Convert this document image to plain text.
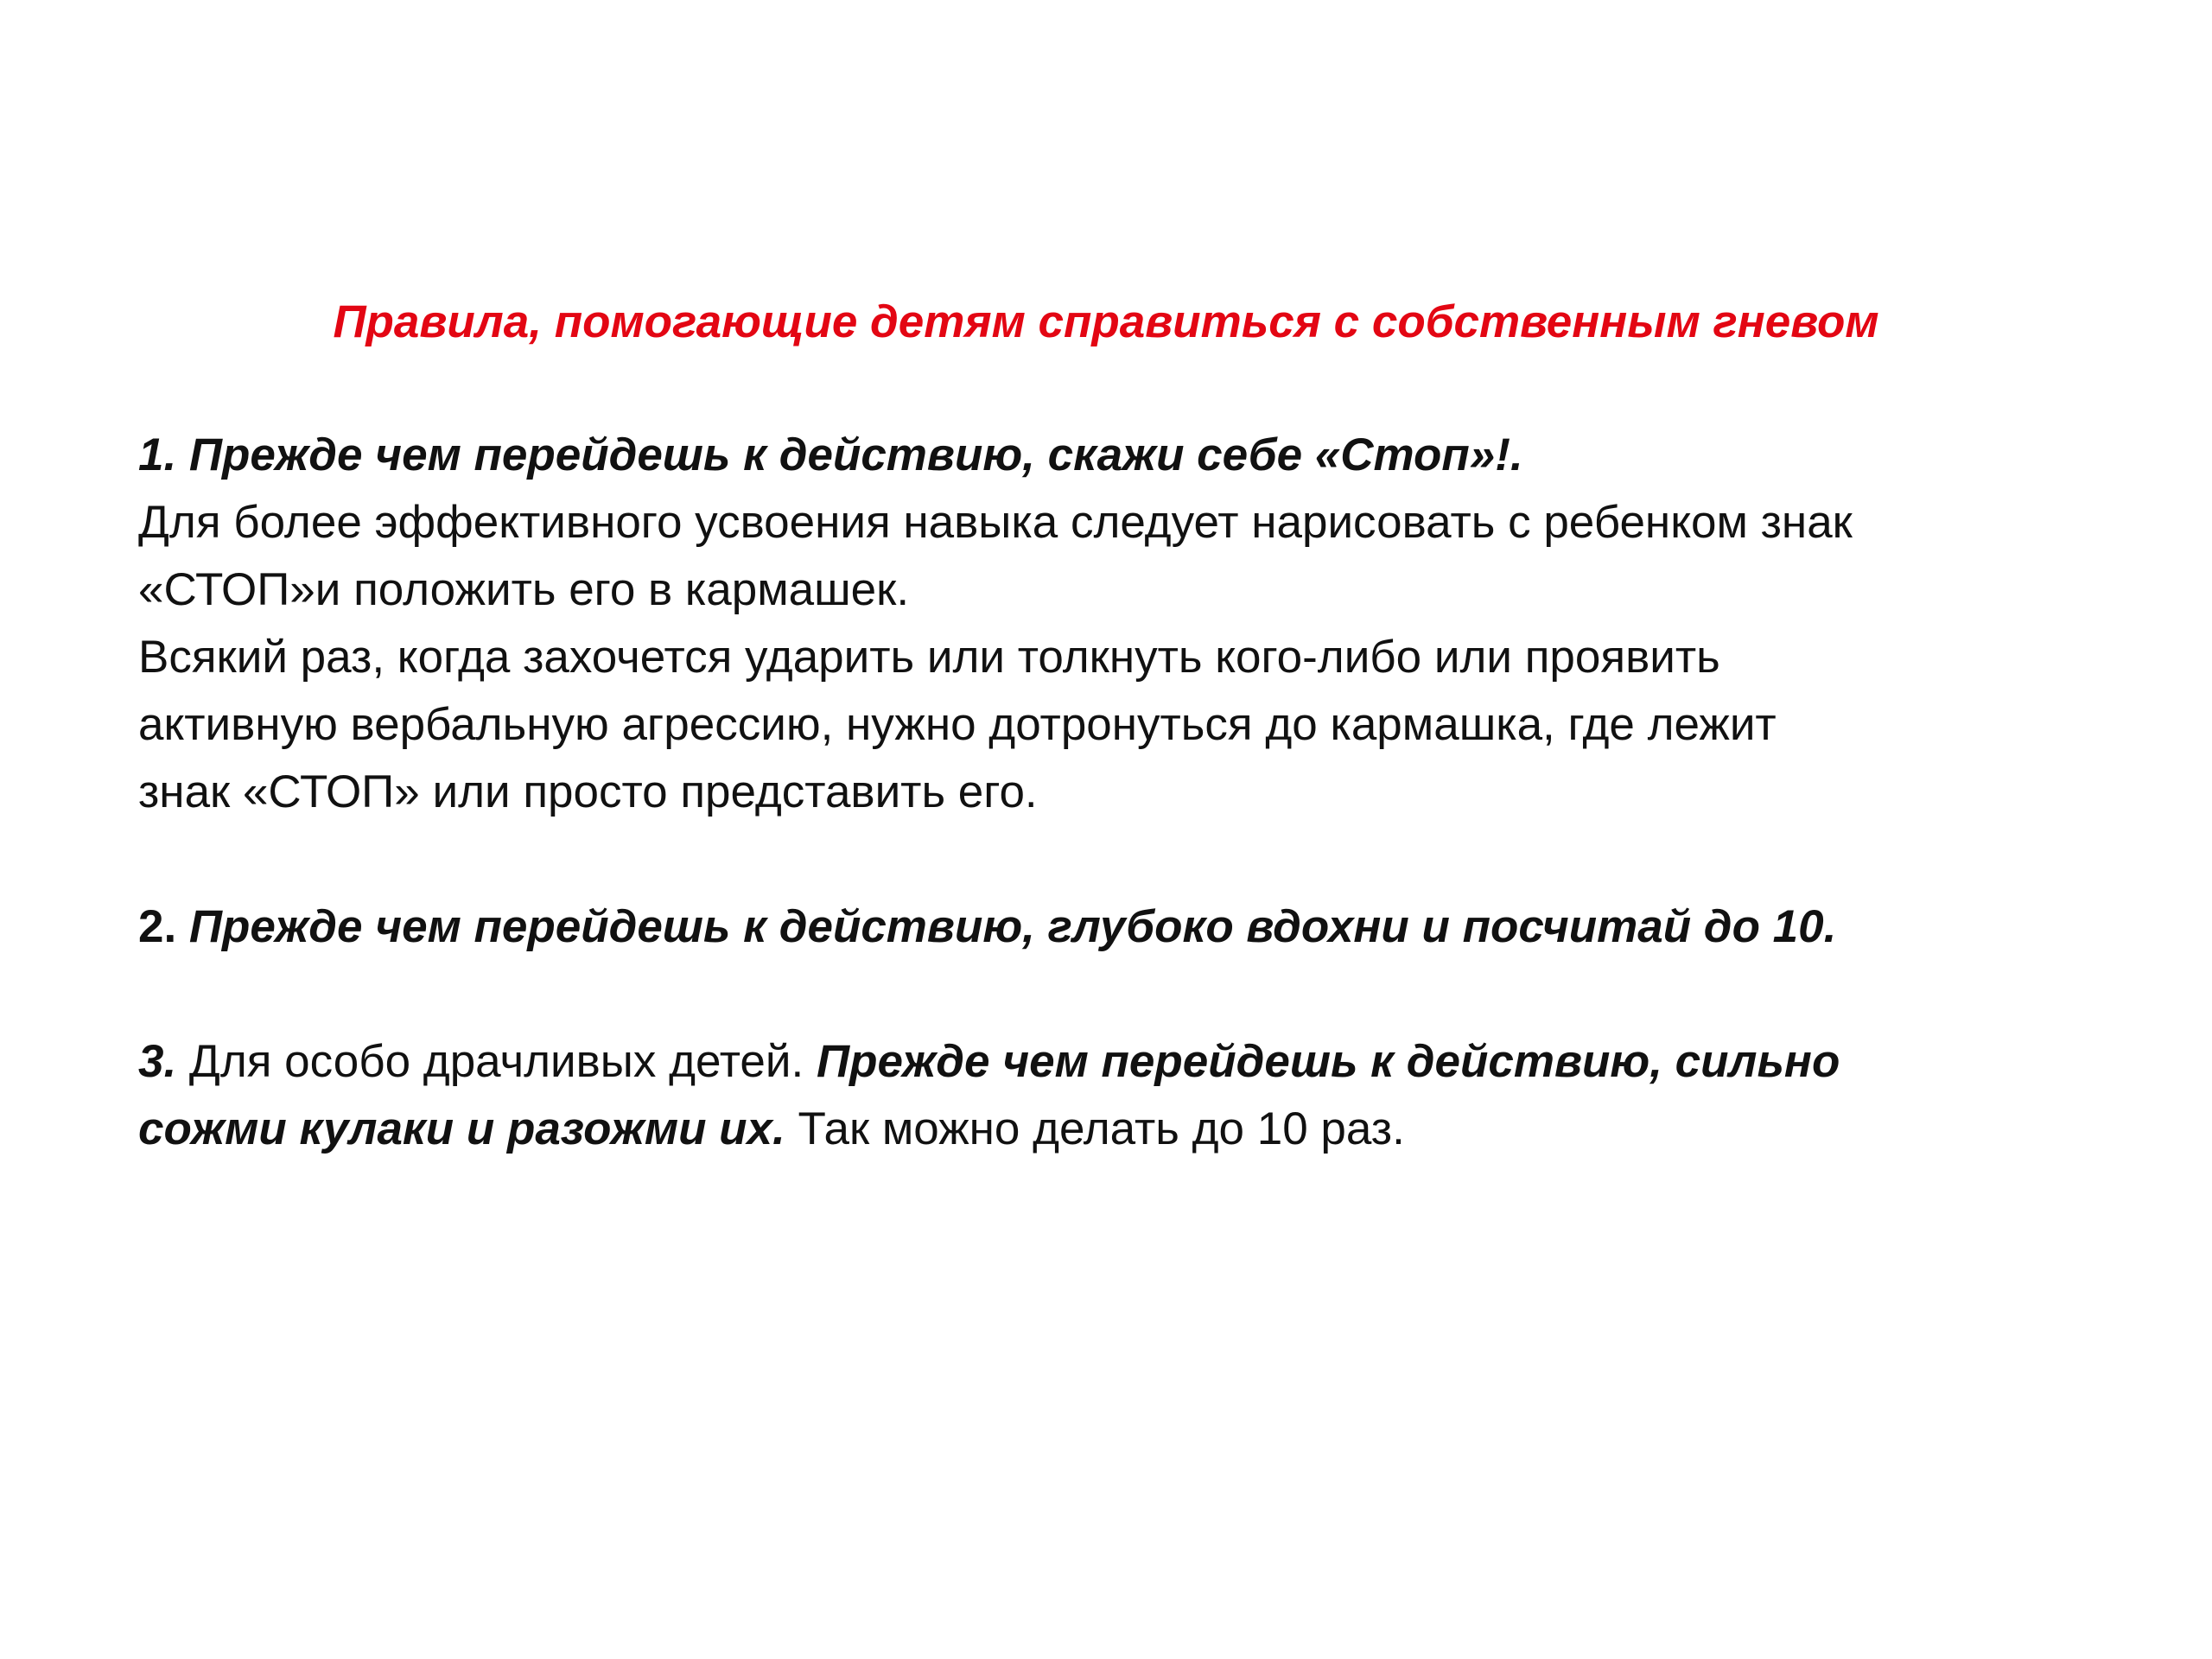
Правила, помогающие детям справиться с собственным гневом
1. Прежде чем перейдешь к действию, скажи себе «Стоп»!.
Для более эффективного усвоения навыка следует нарисовать с ребенком знак
«СТОП»и положить его в кармашек.
Всякий раз, когда захочется ударить или толкнуть кого-либо или проявить
активную вербальную агрессию, нужно дотронуться до кармашка, где лежит
знак «СТОП» или просто представить его.
2. Прежде чем перейдешь к действию, глубоко вдохни и посчитай до 10.
3. Для особо драчливых детей. Прежде чем перейдешь к действию, сильно
сожми кулаки и разожми их. Так можно делать до 10 раз.
